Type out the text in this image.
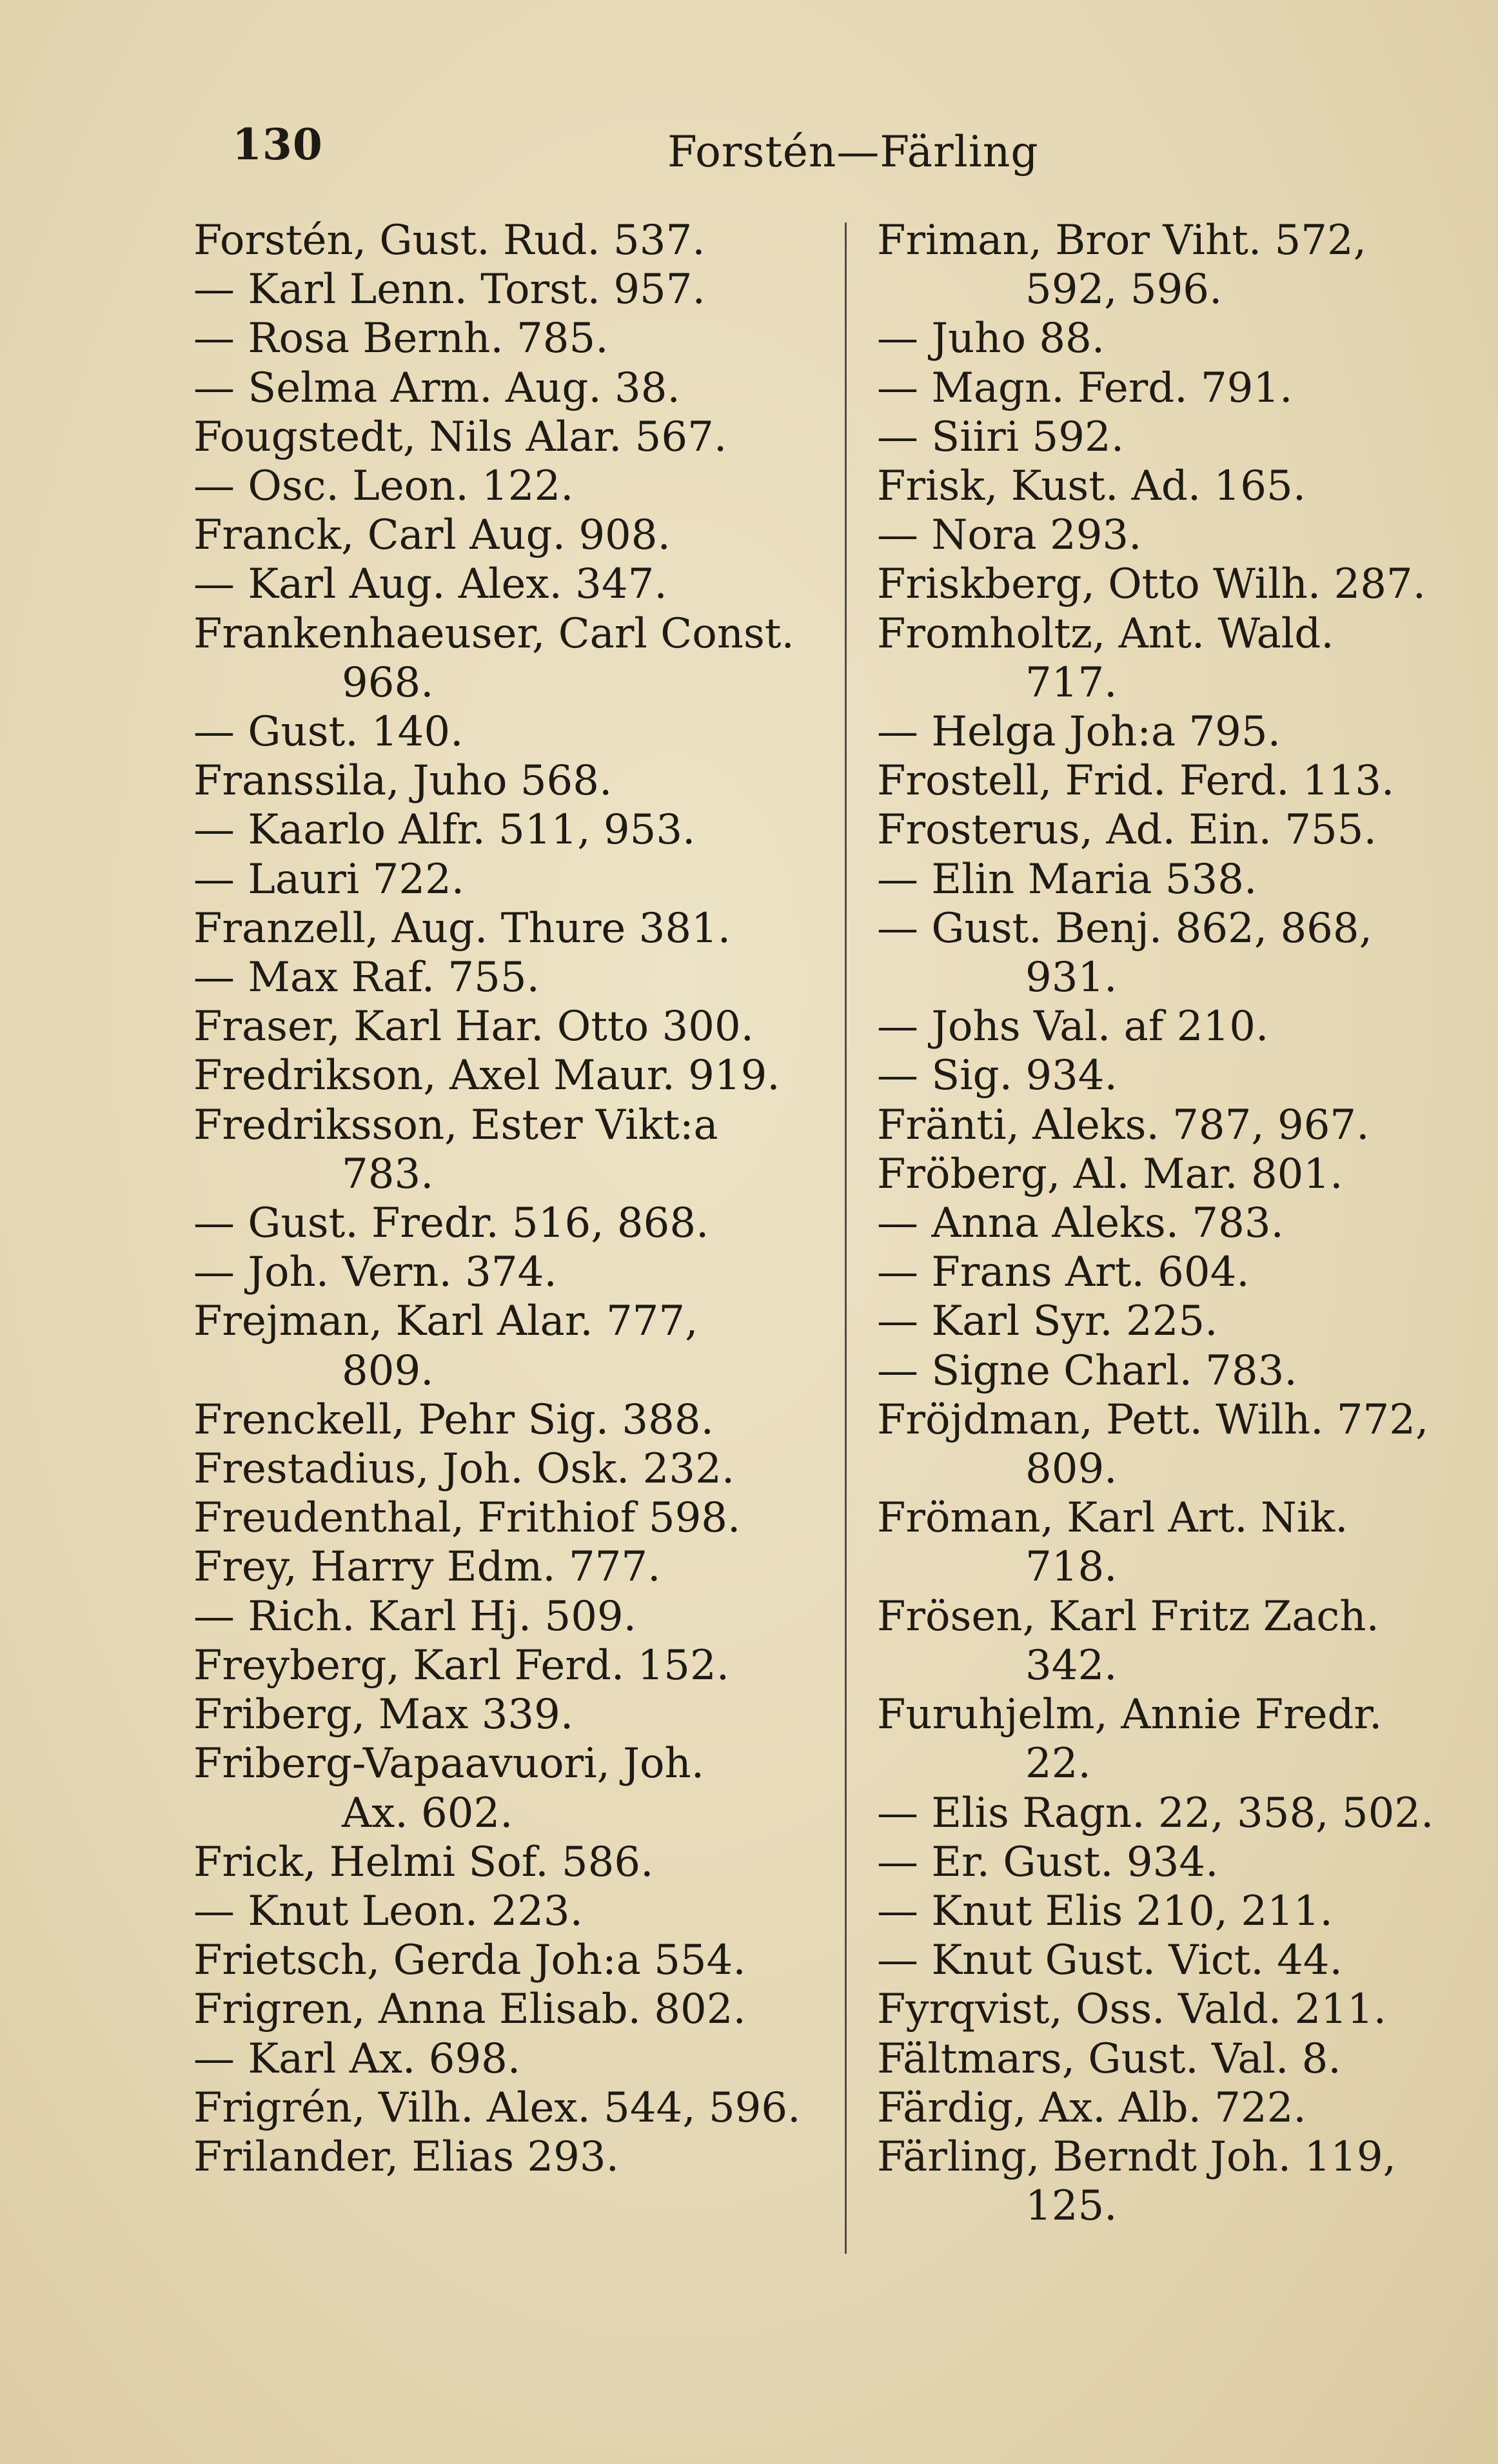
130	Forstén—Färling
Forstén, Gust. Rud. 537.
— Karl Lenn. Torst. 957.
— Rosa Bernh. 785.
— Selma Arm. Aug. 38.
Fougstedt, Nils Alar. 567.
— Osc. Leon. 122.
Franck, Carl Aug. 908.
— Karl Aug. Alex. 347.
Frankenhaeuser, Carl Const.
968.
— Gust. 140.
Franssila, Juho 568.
— Kaarlo Alfr. 511, 953.
— Lauri 722.
Franzell, Aug. Thure 381.
— Max Raf. 755.
Fraser, Karl Har. Otto 300.
Fredrikson, Axel Maur. 919.
Fredriksson, Ester Vikt:a
783.
— Gust. Fredr. 516, 868.
— Joh. Vern. 374.
Frejman, Karl Alar. 777,
809.
Frenckell, Pehr Sig. 388.
Frestadius, Joh. Osk. 232.
Freudenthal, Frithiof 598.
Frey, Harry Edm. 777.
— Rich. Karl Hj. 509.
Freyberg, Karl Ferd. 152.
Friberg, Max 339.
Friberg-Vapaavuori, Joh.
Ax. 602.
Frick, Helmi Sof. 586.
— Knut Leon. 223.
Frietsch, Gerda Joh:a 554.
Frigren, Anna Elisab. 802.
— Karl Ax. 698.
Frigrén, Vilh. Alex. 544, 596.
Frilander, Elias 293.
Friman, Bror Viht. 572,
592, 596.
— Juho 88.
— Magn. Ferd. 791.
— Siiri 592.
Frisk, Kust. Ad. 165.
— Nora 293.
Friskberg, Otto Wilh. 287.
Fromholtz, Ant. Wald.
717.
— Helga Joh:a 795.
Frostell, Frid. Ferd. 113.
Frosterus, Ad. Ein. 755.
— Elin Maria 538.
— Gust. Benj. 862, 868,
931.
— Johs Val. af 210.
— Sig. 934.
Fränti, Aleks. 787, 967.
Fröberg, Al. Mar. 801.
— Anna Aleks. 783.
— Frans Art. 604.
— Karl Syr. 225.
— Signe Charl. 783.
Fröjdman, Pett. Wilh. 772,
809.
Fröman, Karl Art. Nik.
718.
Frösen, Karl Fritz Zach.
342.
Furuhjelm, Annie Fredr.
22.
— Elis Ragn. 22, 358, 502.
— Er. Gust. 934.
— Knut Elis 210, 211.
— Knut Gust. Vict. 44.
Fyrqvist, Oss. Vald. 211.
Fältmars, Gust. Val. 8.
Färdig, Ax. Alb. 722.
Färling, Berndt Joh. 119,
125.
